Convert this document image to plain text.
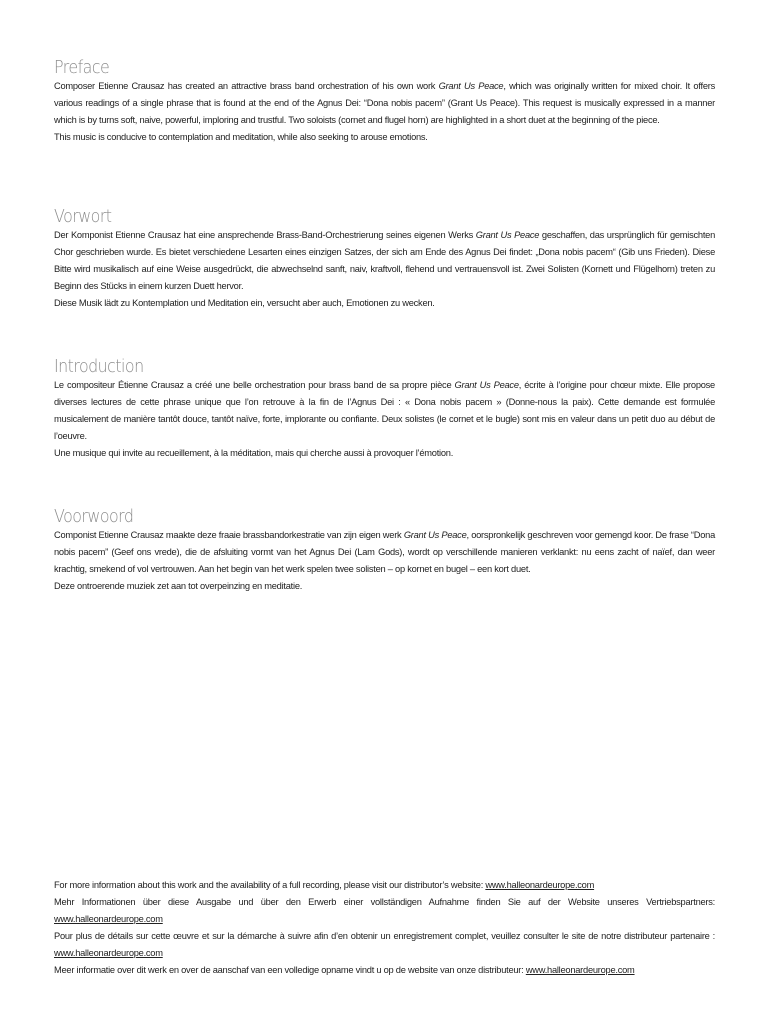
Preface

Composer Etienne Crausaz has created an attractive brass band orchestration of his own work Grant Us Peace, which was originally written for mixed choir. It offers various readings of a single phrase that is found at the end of the Agnus Dei: “Dona nobis pacem” (Grant Us Peace). This request is musically expressed in a manner which is by turns soft, naive, powerful, imploring and trustful. Two soloists (cornet and flugel horn) are highlighted in a short duet at the beginning of the piece.

This music is conducive to contemplation and meditation, while also seeking to arouse emotions.

Vorwort

Der Komponist Etienne Crausaz hat eine ansprechende Brass-Band-Orchestrierung seines eigenen Werks Grant Us Peace geschaffen, das ursprünglich für gemischten Chor geschrieben wurde. Es bietet verschiedene Lesarten eines einzigen Satzes, der sich am Ende des Agnus Dei findet: „Dona nobis pacem“ (Gib uns Frieden). Diese Bitte wird musikalisch auf eine Weise ausgedrückt, die abwechselnd sanft, naiv, kraftvoll, flehend und vertrauensvoll ist. Zwei Solisten (Kornett und Flügelhorn) treten zu Beginn des Stücks in einem kurzen Duett hervor.

Diese Musik lädt zu Kontemplation und Meditation ein, versucht aber auch, Emotionen zu wecken.

Introduction

Le compositeur Étienne Crausaz a créé une belle orchestration pour brass band de sa propre pièce Grant Us Peace, écrite à l’origine pour chœur mixte. Elle propose diverses lectures de cette phrase unique que l’on retrouve à la fin de l’Agnus Dei : « Dona nobis pacem » (Donne-nous la paix). Cette demande est formulée musicalement de manière tantôt douce, tantôt naïve, forte, implorante ou confiante. Deux solistes (le cornet et le bugle) sont mis en valeur dans un petit duo au début de l’oeuvre.

Une musique qui invite au recueillement, à la méditation, mais qui cherche aussi à provoquer l’émotion.

Voorwoord

Componist Etienne Crausaz maakte deze fraaie brassbandorkestratie van zijn eigen werk Grant Us Peace, oorspronkelijk geschreven voor gemengd koor. De frase “Dona nobis pacem” (Geef ons vrede), die de afsluiting vormt van het Agnus Dei (Lam Gods), wordt op verschillende manieren verklankt: nu eens zacht of naïef, dan weer krachtig, smekend of vol vertrouwen. Aan het begin van het werk spelen twee solisten – op kornet en bugel – een kort duet.

Deze ontroerende muziek zet aan tot overpeinzing en meditatie.

For more information about this work and the availability of a full recording, please visit our distributor’s website: www.halleonardeurope.com

Mehr Informationen über diese Ausgabe und über den Erwerb einer vollständigen Aufnahme finden Sie auf der Website unseres Vertriebspartners: www.halleonardeurope.com

Pour plus de détails sur cette œuvre et sur la démarche à suivre afin d’en obtenir un enregistrement complet, veuillez consulter le site de notre distributeur partenaire : www.halleonardeurope.com

Meer informatie over dit werk en over de aanschaf van een volledige opname vindt u op de website van onze distributeur: www.halleonardeurope.com
